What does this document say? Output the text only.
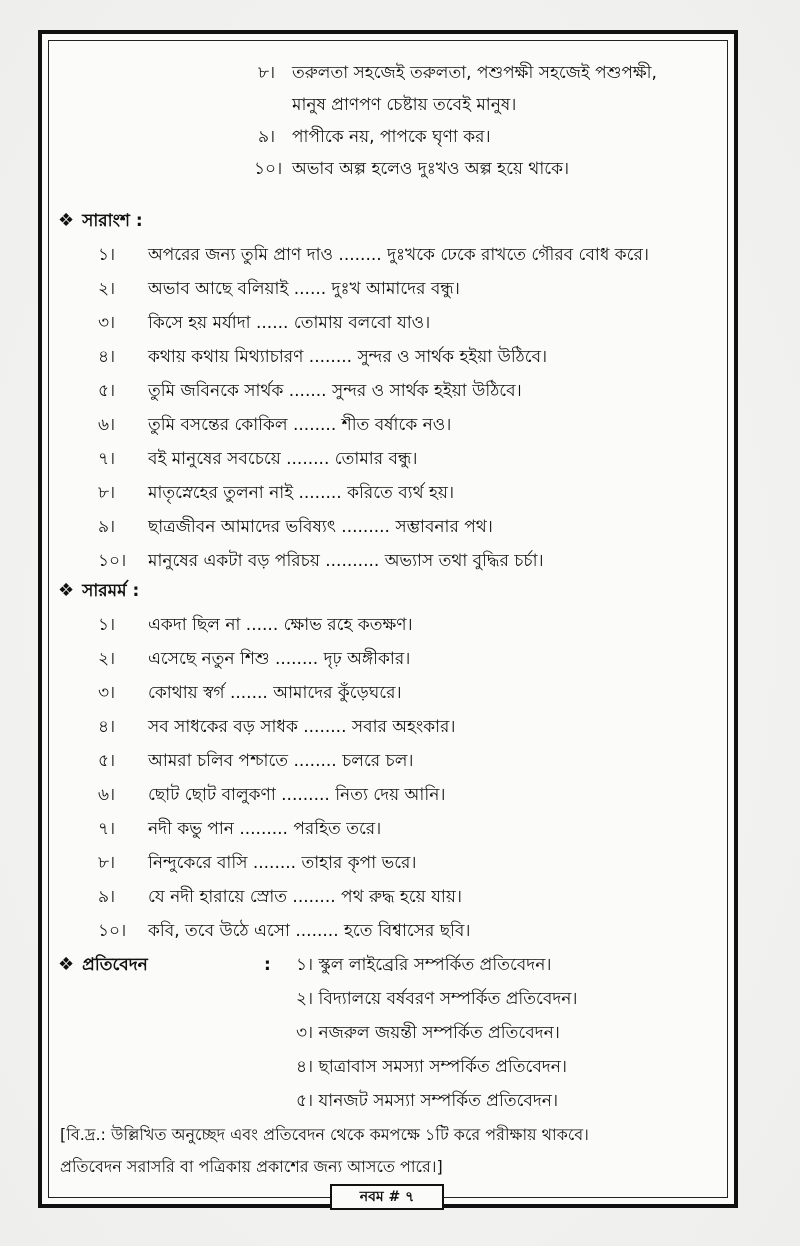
৮। তরুলতা সহজেই তরুলতা, পশুপক্ষী সহজেই পশুপক্ষী,
মানুষ প্রাণপণ চেষ্টায় তবেই মানুষ।
৯। পাপীকে নয়, পাপকে ঘৃণা কর।
১০। অভাব অল্প হলেও দুঃখও অল্প হয়ে থাকে।
❖ সারাংশ :
১। অপরের জন্য তুমি প্রাণ দাও ........ দুঃখকে ঢেকে রাখতে গৌরব বোধ করে।
২। অভাব আছে বলিয়াই ...... দুঃখ আমাদের বন্ধু।
৩। কিসে হয় মর্যাদা ...... তোমায় বলবো যাও।
৪। কথায় কথায় মিথ্যাচারণ ........ সুন্দর ও সার্থক হইয়া উঠিবে।
৫। তুমি জবিনকে সার্থক ....... সুন্দর ও সার্থক হইয়া উঠিবে।
৬। তুমি বসন্তের কোকিল ........ শীত বর্ষাকে নও।
৭। বই মানুষের সবচেয়ে ........ তোমার বন্ধু।
৮। মাতৃস্নেহের তুলনা নাই ........ করিতে ব্যর্থ হয়।
৯। ছাত্রজীবন আমাদের ভবিষ্যৎ ......... সম্ভাবনার পথ।
১০। মানুষের একটা বড় পরিচয় .......... অভ্যাস তথা বুদ্ধির চর্চা।
❖ সারমর্ম :
১। একদা ছিল না ...... ক্ষোভ রহে কতক্ষণ।
২। এসেছে নতুন শিশু ........ দৃঢ় অঙ্গীকার।
৩। কোথায় স্বর্গ ....... আমাদের কুঁড়েঘরে।
৪। সব সাধকের বড় সাধক ........ সবার অহংকার।
৫। আমরা চলিব পশ্চাতে ........ চলরে চল।
৬। ছোট ছোট বালুকণা ......... নিত্য দেয় আনি।
৭। নদী কভু পান ......... পরহিত তরে।
৮। নিন্দুকেরে বাসি ........ তাহার কৃপা ভরে।
৯। যে নদী হারায়ে স্রোত ........ পথ রুদ্ধ হয়ে যায়।
১০। কবি, তবে উঠে এসো ........ হতে বিশ্বাসের ছবি।
❖ প্রতিবেদন	: ১। স্কুল লাইব্রেরি সম্পর্কিত প্রতিবেদন।
২। বিদ্যালয়ে বর্ষবরণ সম্পর্কিত প্রতিবেদন।
৩। নজরুল জয়ন্তী সম্পর্কিত প্রতিবেদন।
৪। ছাত্রাবাস সমস্যা সম্পর্কিত প্রতিবেদন।
৫। যানজট সমস্যা সম্পর্কিত প্রতিবেদন।
[বি.দ্র.: উল্লিখিত অনুচ্ছেদ এবং প্রতিবেদন থেকে কমপক্ষে ১টি করে পরীক্ষায় থাকবে।
প্রতিবেদন সরাসরি বা পত্রিকায় প্রকাশের জন্য আসতে পারে।]
নবম # ৭
